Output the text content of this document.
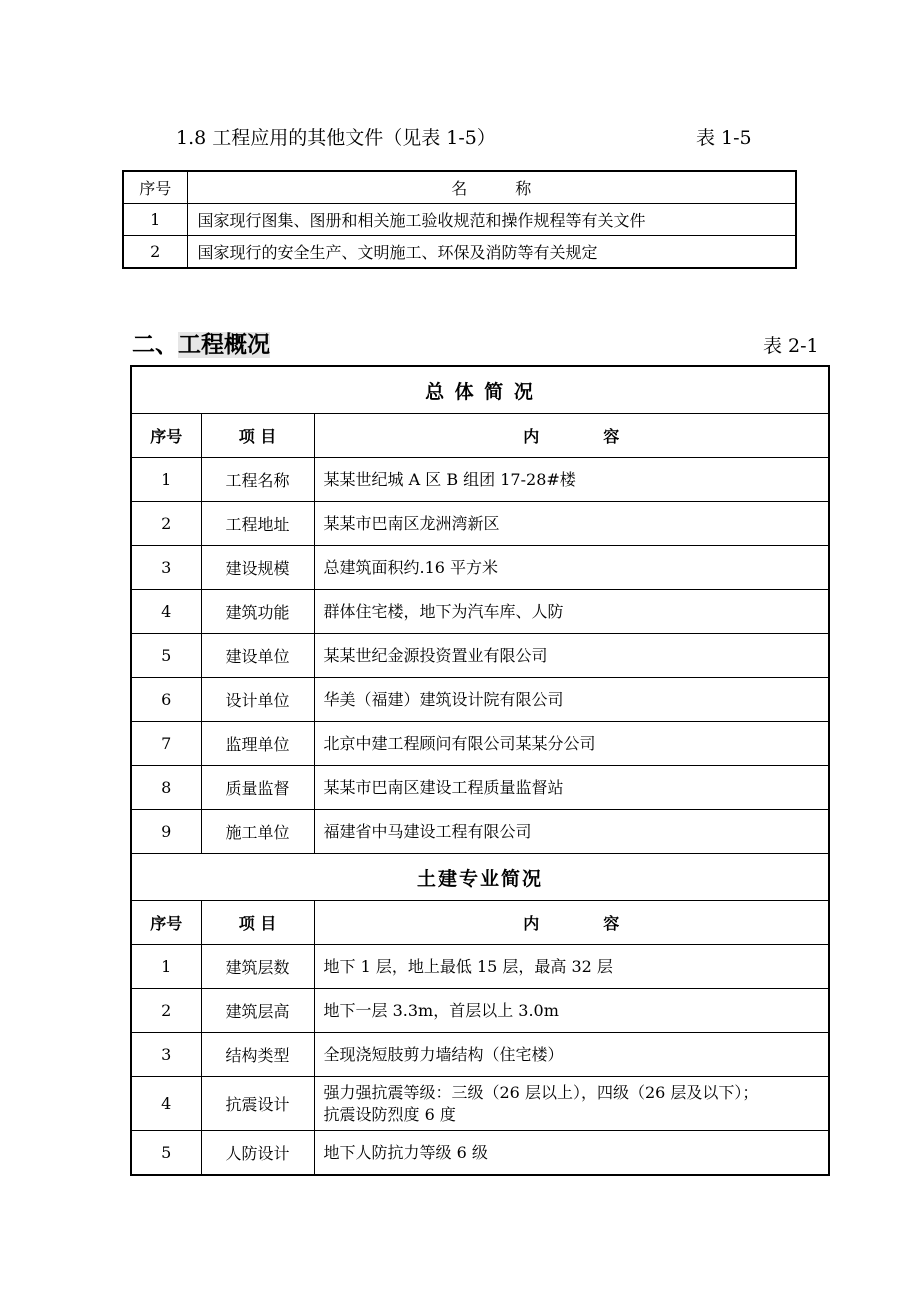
1.8 工程应用的其他文件（见表 1-5）	表 1-5
序号	名　　　称
1	国家现行图集、图册和相关施工验收规范和操作规程等有关文件
2	国家现行的安全生产、文明施工、环保及消防等有关规定
二、工程概况	表 2-1
总 体 简 况		
序号	项 目	内　　　　容
1	工程名称	某某世纪城 A 区 B 组团 17-28#楼
2	工程地址	某某市巴南区龙洲湾新区
3	建设规模	总建筑面积约.16 平方米
4	建筑功能	群体住宅楼，地下为汽车库、人防
5	建设单位	某某世纪金源投资置业有限公司
6	设计单位	华美（福建）建筑设计院有限公司
7	监理单位	北京中建工程顾问有限公司某某分公司
8	质量监督	某某市巴南区建设工程质量监督站
9	施工单位	福建省中马建设工程有限公司
土建专业简况		
序号	项 目	内　　　　容
1	建筑层数	地下 1 层，地上最低 15 层，最高 32 层
2	建筑层高	地下一层 3.3m，首层以上 3.0m
3	结构类型	全现浇短肢剪力墙结构（住宅楼）
4	抗震设计	强力强抗震等级：三级（26 层以上），四级（26 层及以下）；
抗震设防烈度 6 度

5	人防设计	地下人防抗力等级 6 级
